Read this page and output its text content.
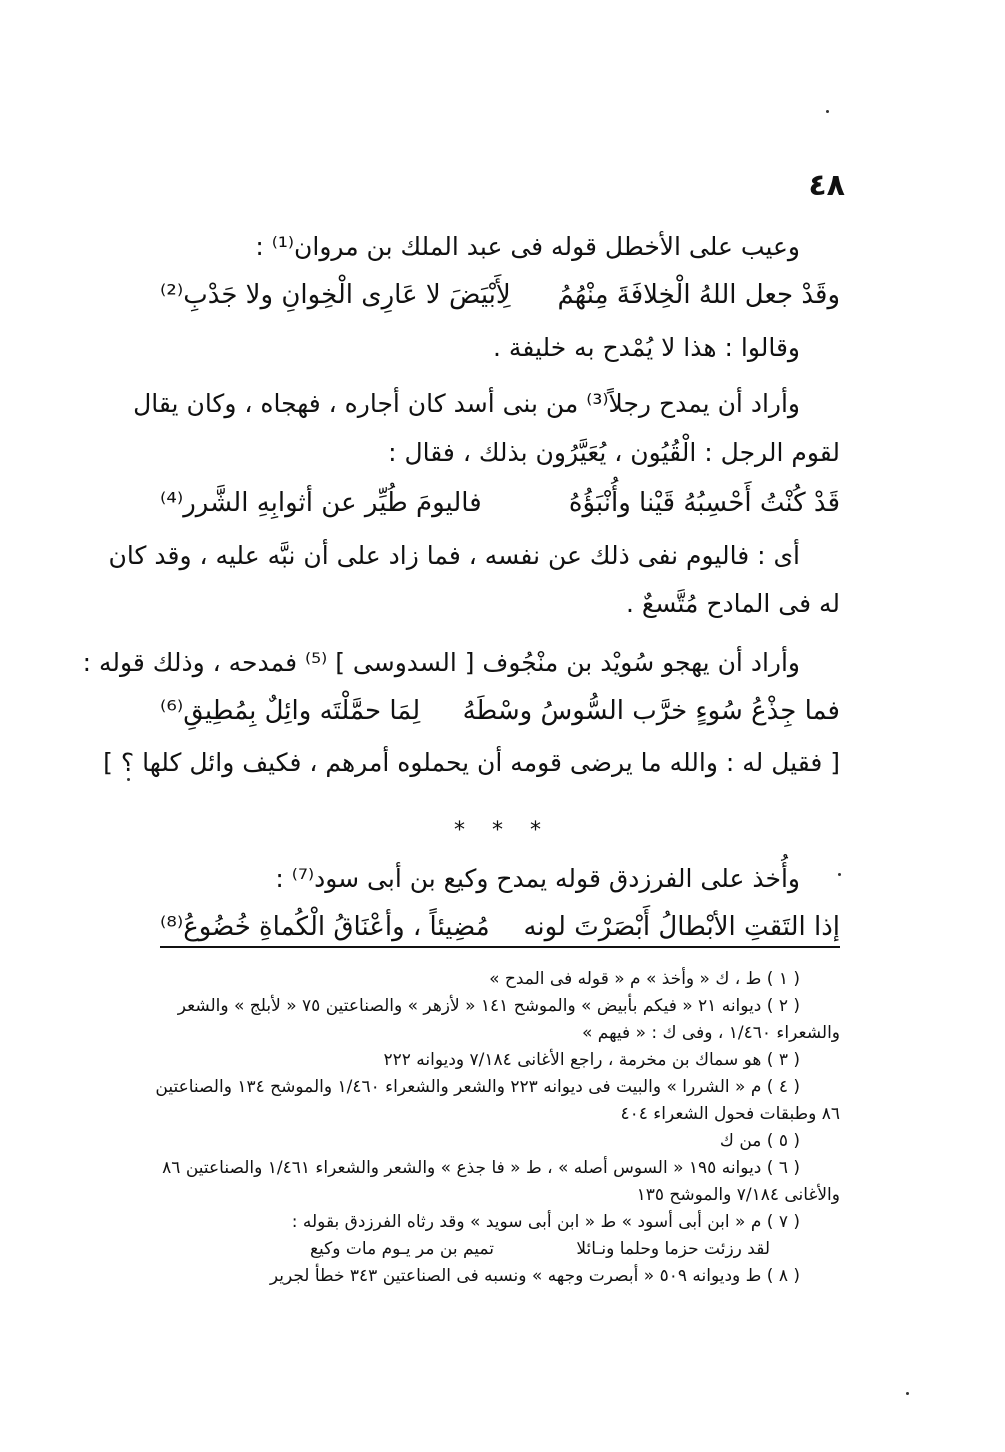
٤٨
وعيب على الأخطل قوله فى عبد الملك بن مروان⁽¹⁾ :
وقَدْ جعل اللهُ الْخِلافَةَ مِنْهُمُ
لِأَبْيَضَ لا عَارِى الْخِوانِ ولا جَدْبِ⁽²⁾
وقالوا : هذا لا يُمْدح به خليفة .
وأراد أن يمدح رجلاً⁽³⁾ من بنى أسد كان أجاره ، فهجاه ، وكان يقال
لقوم الرجل : الْقُيُون ، يُعَيَّرُون بذلك ، فقال :
قَدْ كُنْتُ أَحْسِبُهُ قَيْنا وأُنْبَؤُهُ
فاليومَ طُيِّر عن أثوابِهِ الشَّرر⁽⁴⁾
أى : فاليوم نفى ذلك عن نفسه ، فما زاد على أن نبَّه عليه ، وقد كان
له فى المادح مُتَّسعٌ .
وأراد أن يهجو سُويْد بن منْجُوف [ السدوسى ] ⁽⁵⁾ فمدحه ، وذلك قوله :
فما جِذْعُ سُوءٍ خرَّب السُّوسُ وسْطَهُ
لِمَا حمَّلْتَه وائِلٌ بِمُطِيقِ⁽⁶⁾
[ فقيل له : والله ما يرضى قومه أن يحملوه أمرهم ، فكيف وائل كلها ؟ ]
* * *
وأُخذ على الفرزدق قوله يمدح وكيع بن أبى سود⁽⁷⁾ :
إذا التَقتِ الأبْطالُ أَبْصَرْتَ لونه
مُضِيئاً ، وأعْنَاقُ الْكُماةِ خُضُوعُ⁽⁸⁾
( ١ ) ط ، ك « وأخذ » م « قوله فى المدح »
( ٢ ) ديوانه ٢١ « فيكم بأبيض » والموشح ١٤١ « لأزهر » والصناعتين ٧٥ « لأبلج » والشعر
والشعراء ١/٤٦٠ ، وفى ك : « فيهم »
( ٣ ) هو سماك بن مخرمة ، راجع الأغانى ٧/١٨٤ وديوانه ٢٢٢
( ٤ ) م « الشررا » والبيت فى ديوانه ٢٢٣ والشعر والشعراء ١/٤٦٠ والموشح ١٣٤ والصناعتين
٨٦ وطبقات فحول الشعراء ٤٠٤
( ٥ ) من ك
( ٦ ) ديوانه ١٩٥ « السوس أصله » ، ط « فا جذع » والشعر والشعراء ١/٤٦١ والصناعتين ٨٦
والأغانى ٧/١٨٤ والموشح ١٣٥
( ٧ ) م « ابن أبى أسود » ط « ابن أبى سويد » وقد رثاه الفرزدق بقوله :
لقد رزئت حزما وحلما ونـائلا
تميم بن مر يـوم مات وكيع
( ٨ ) ط وديوانه ٥٠٩ « أبصرت وجهه » ونسبه فى الصناعتين ٣٤٣ خطأ لجرير
